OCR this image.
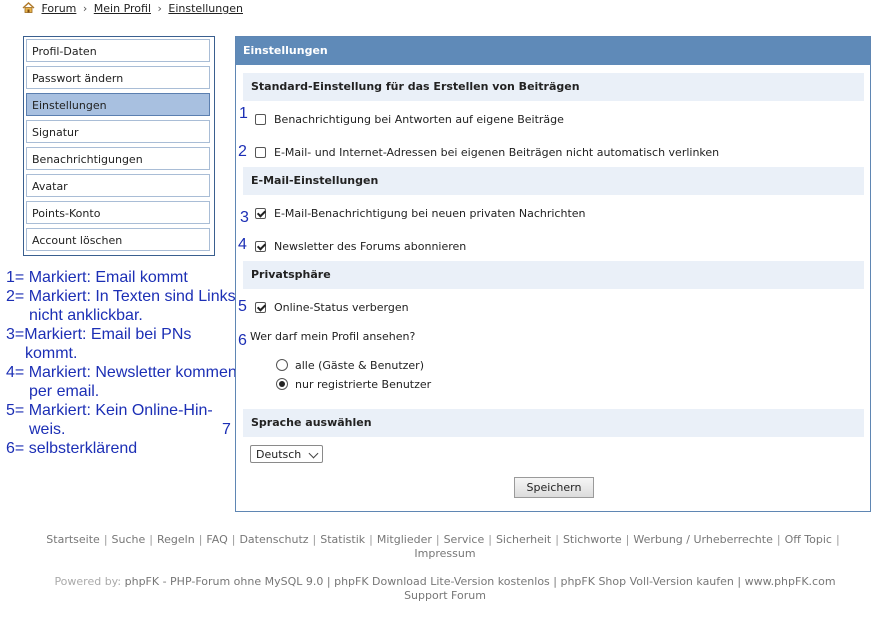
Forum › Mein Profil › Einstellungen
Profil-Daten
Passwort ändern
Einstellungen
Signatur
Benachrichtigungen
Avatar
Points-Konto
Account löschen
1= Markiert: Email kommt
2= Markiert: In Texten sind Links
nicht anklickbar.
3=Markiert: Email bei PNs
kommt.
4= Markiert: Newsletter kommen
per email.
5= Markiert: Kein Online-Hin-
weis.
6= selbsterklärend
1
2
3
4
5
6
7
Einstellungen
Standard-Einstellung für das Erstellen von Beiträgen
Benachrichtigung bei Antworten auf eigene Beiträge
E-Mail- und Internet-Adressen bei eigenen Beiträgen nicht automatisch verlinken
E-Mail-Einstellungen
E-Mail-Benachrichtigung bei neuen privaten Nachrichten
Newsletter des Forums abonnieren
Privatsphäre
Online-Status verbergen
Wer darf mein Profil ansehen?
alle (Gäste & Benutzer)
nur registrierte Benutzer
Sprache auswählen
Deutsch
Speichern
Startseite | Suche | Regeln | FAQ | Datenschutz | Statistik | Mitglieder | Service | Sicherheit | Stichworte | Werbung / Urheberrechte | Off Topic |
Impressum
Powered by: phpFK - PHP-Forum ohne MySQL 9.0 | phpFK Download Lite-Version kostenlos | phpFK Shop Voll-Version kaufen | www.phpFK.com
Support Forum
